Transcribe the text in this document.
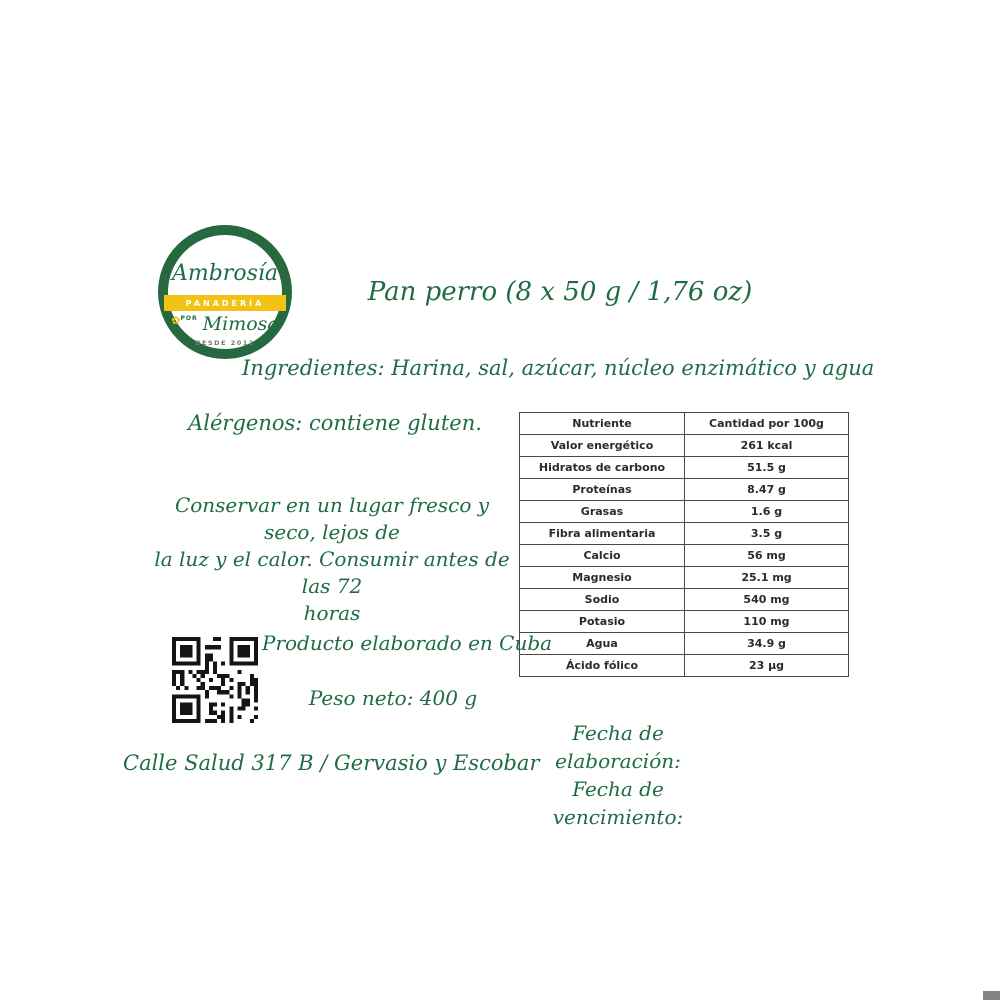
Ambrosía
PANADERÍA
$^{✿POR}$ Mimosa
DESDE 2011
Pan perro (8 x 50 g / 1,76 oz)
Ingredientes: Harina, sal, azúcar, núcleo enzimático y agua
Alérgenos: contiene gluten.
Conservar en un lugar fresco y seco, lejos de
la luz y el calor. Consumir antes de las 72
horas
Nutriente	Cantidad por 100g
Valor energético	261 kcal
Hidratos de carbono	51.5 g
Proteínas	8.47 g
Grasas	1.6 g
Fibra alimentaria	3.5 g
Calcio	56 mg
Magnesio	25.1 mg
Sodio	540 mg
Potasio	110 mg
Agua	34.9 g
Ácido fólico	23 µg
Producto elaborado en Cuba
Peso neto: 400 g
Calle Salud 317 B / Gervasio y Escobar
Fecha de elaboración:
Fecha de vencimiento:
